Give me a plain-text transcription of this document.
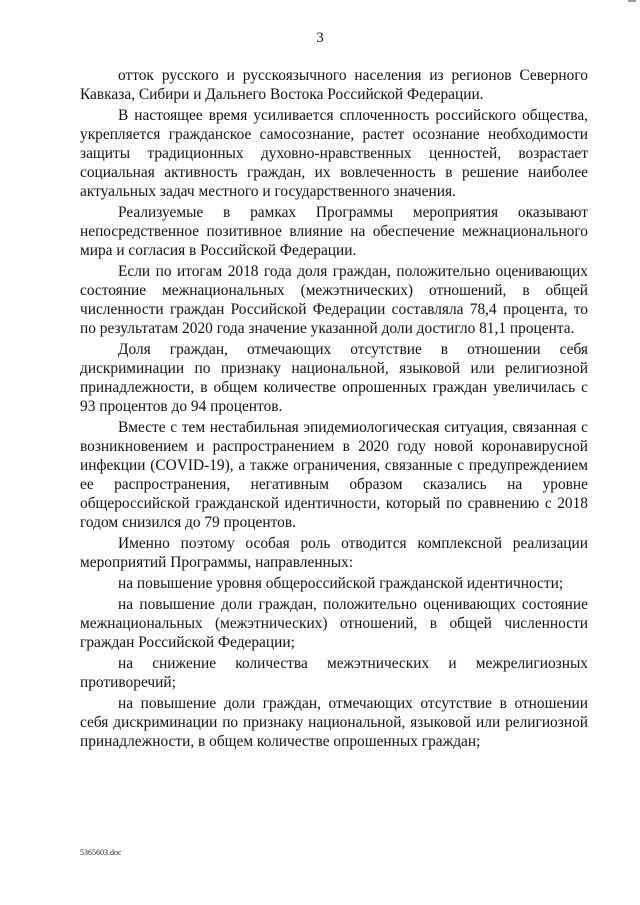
3

отток русского и русскоязычного населения из регионов Северного Кавказа, Сибири и Дальнего Востока Российской Федерации.

В настоящее время усиливается сплоченность российского общества, укрепляется гражданское самосознание, растет осознание необходимости защиты традиционных духовно-нравственных ценностей, возрастает социальная активность граждан, их вовлеченность в решение наиболее актуальных задач местного и государственного значения.

Реализуемые в рамках Программы мероприятия оказывают непосредственное позитивное влияние на обеспечение межнационального мира и согласия в Российской Федерации.

Если по итогам 2018 года доля граждан, положительно оценивающих состояние межнациональных (межэтнических) отношений, в общей численности граждан Российской Федерации составляла 78,4 процента, то по результатам 2020 года значение указанной доли достигло 81,1 процента.

Доля граждан, отмечающих отсутствие в отношении себя дискриминации по признаку национальной, языковой или религиозной принадлежности, в общем количестве опрошенных граждан увеличилась с 93 процентов до 94 процентов.

Вместе с тем нестабильная эпидемиологическая ситуация, связанная с возникновением и распространением в 2020 году новой коронавирусной инфекции (COVID-19), а также ограничения, связанные с предупреждением ее распространения, негативным образом сказались на уровне общероссийской гражданской идентичности, который по сравнению с 2018 годом снизился до 79 процентов.

Именно поэтому особая роль отводится комплексной реализации мероприятий Программы, направленных:

на повышение уровня общероссийской гражданской идентичности;

на повышение доли граждан, положительно оценивающих состояние межнациональных (межэтнических) отношений, в общей численности граждан Российской Федерации;

на снижение количества межэтнических и межрелигиозных противоречий;

на повышение доли граждан, отмечающих отсутствие в отношении себя дискриминации по признаку национальной, языковой или религиозной принадлежности, в общем количестве опрошенных граждан;

5365603.doc
